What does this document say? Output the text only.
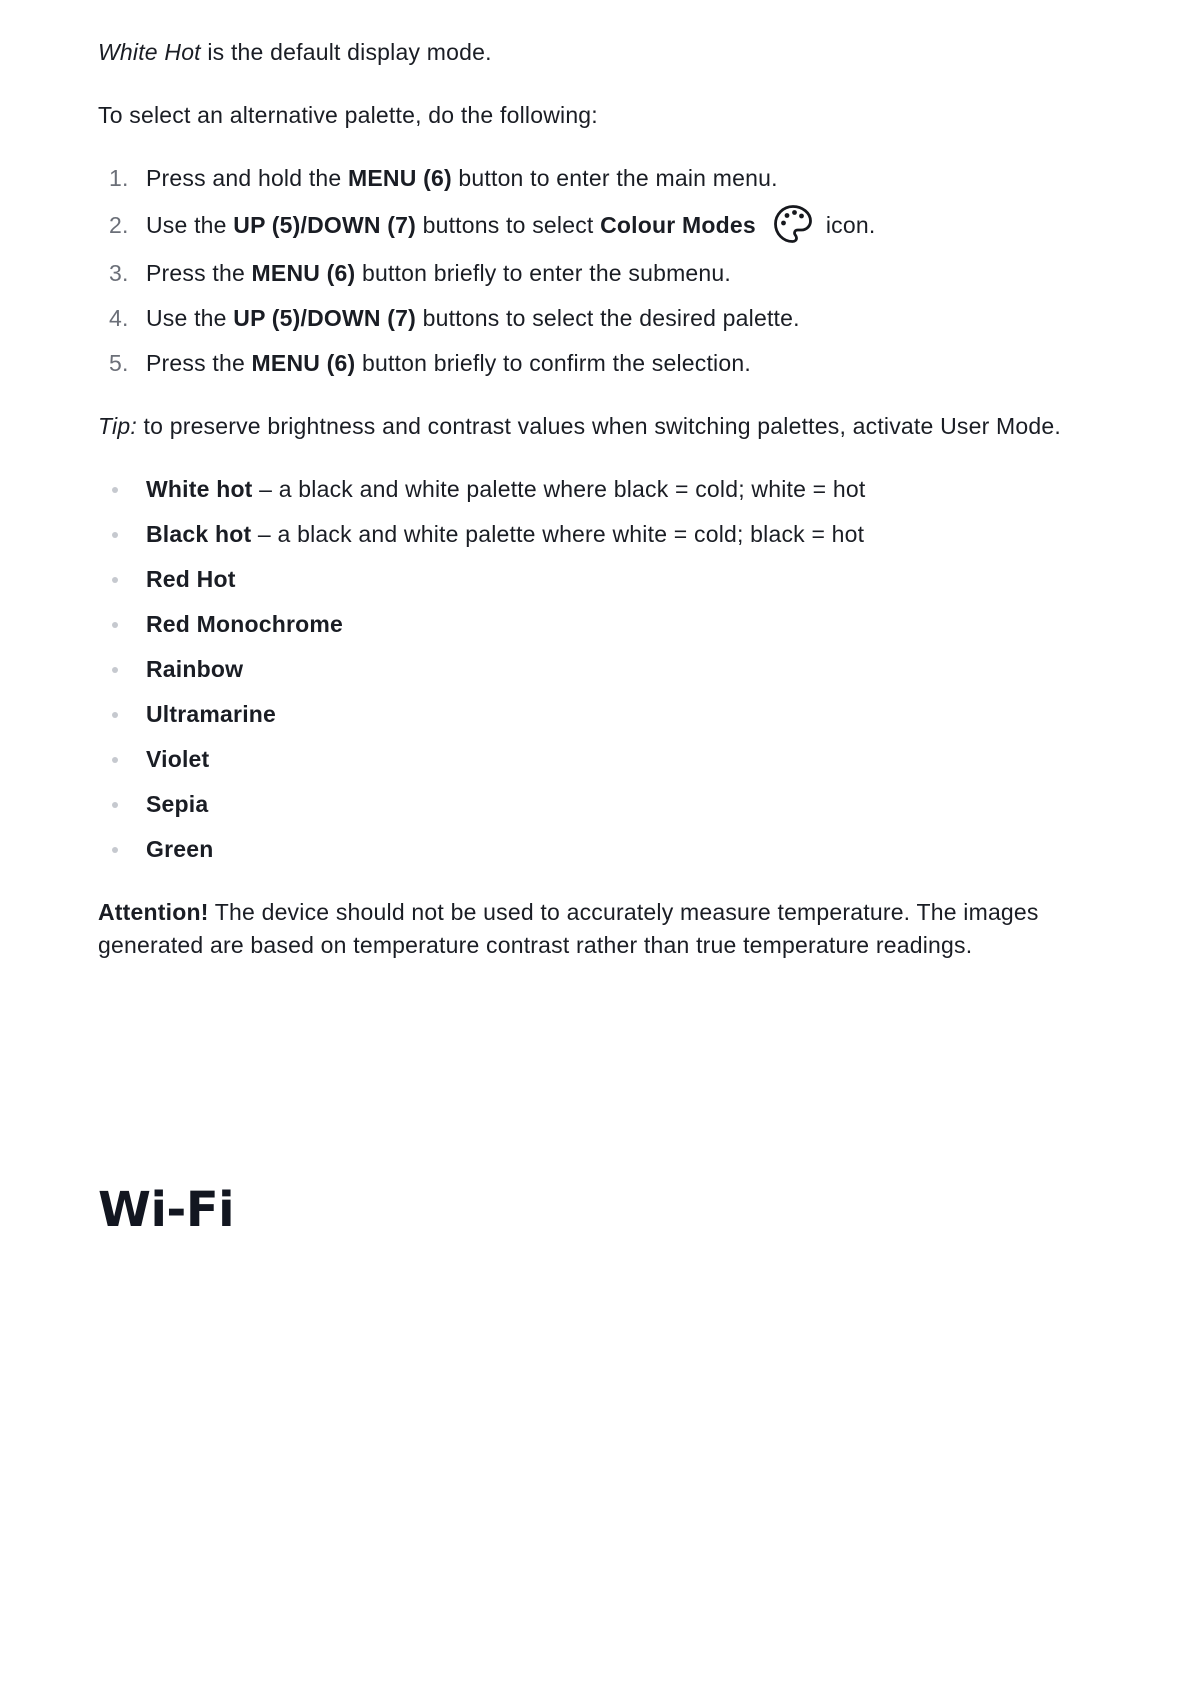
White Hot is the default display mode.

To select an alternative palette, do the following:

1. Press and hold the MENU (6) button to enter the main menu.
2. Use the UP (5)/DOWN (7) buttons to select Colour Modes	icon.
3. Press the MENU (6) button briefly to enter the submenu.
4. Use the UP (5)/DOWN (7) buttons to select the desired palette.
5. Press the MENU (6) button briefly to confirm the selection.

Tip: to preserve brightness and contrast values when switching palettes, activate User Mode.

White hot – a black and white palette where black = cold; white = hot
Black hot – a black and white palette where white = cold; black = hot
Red Hot
Red Monochrome
Rainbow
Ultramarine
Violet
Sepia
Green

Attention! The device should not be used to accurately measure temperature. The images generated are based on temperature contrast rather than true temperature readings.

Wi-Fi
